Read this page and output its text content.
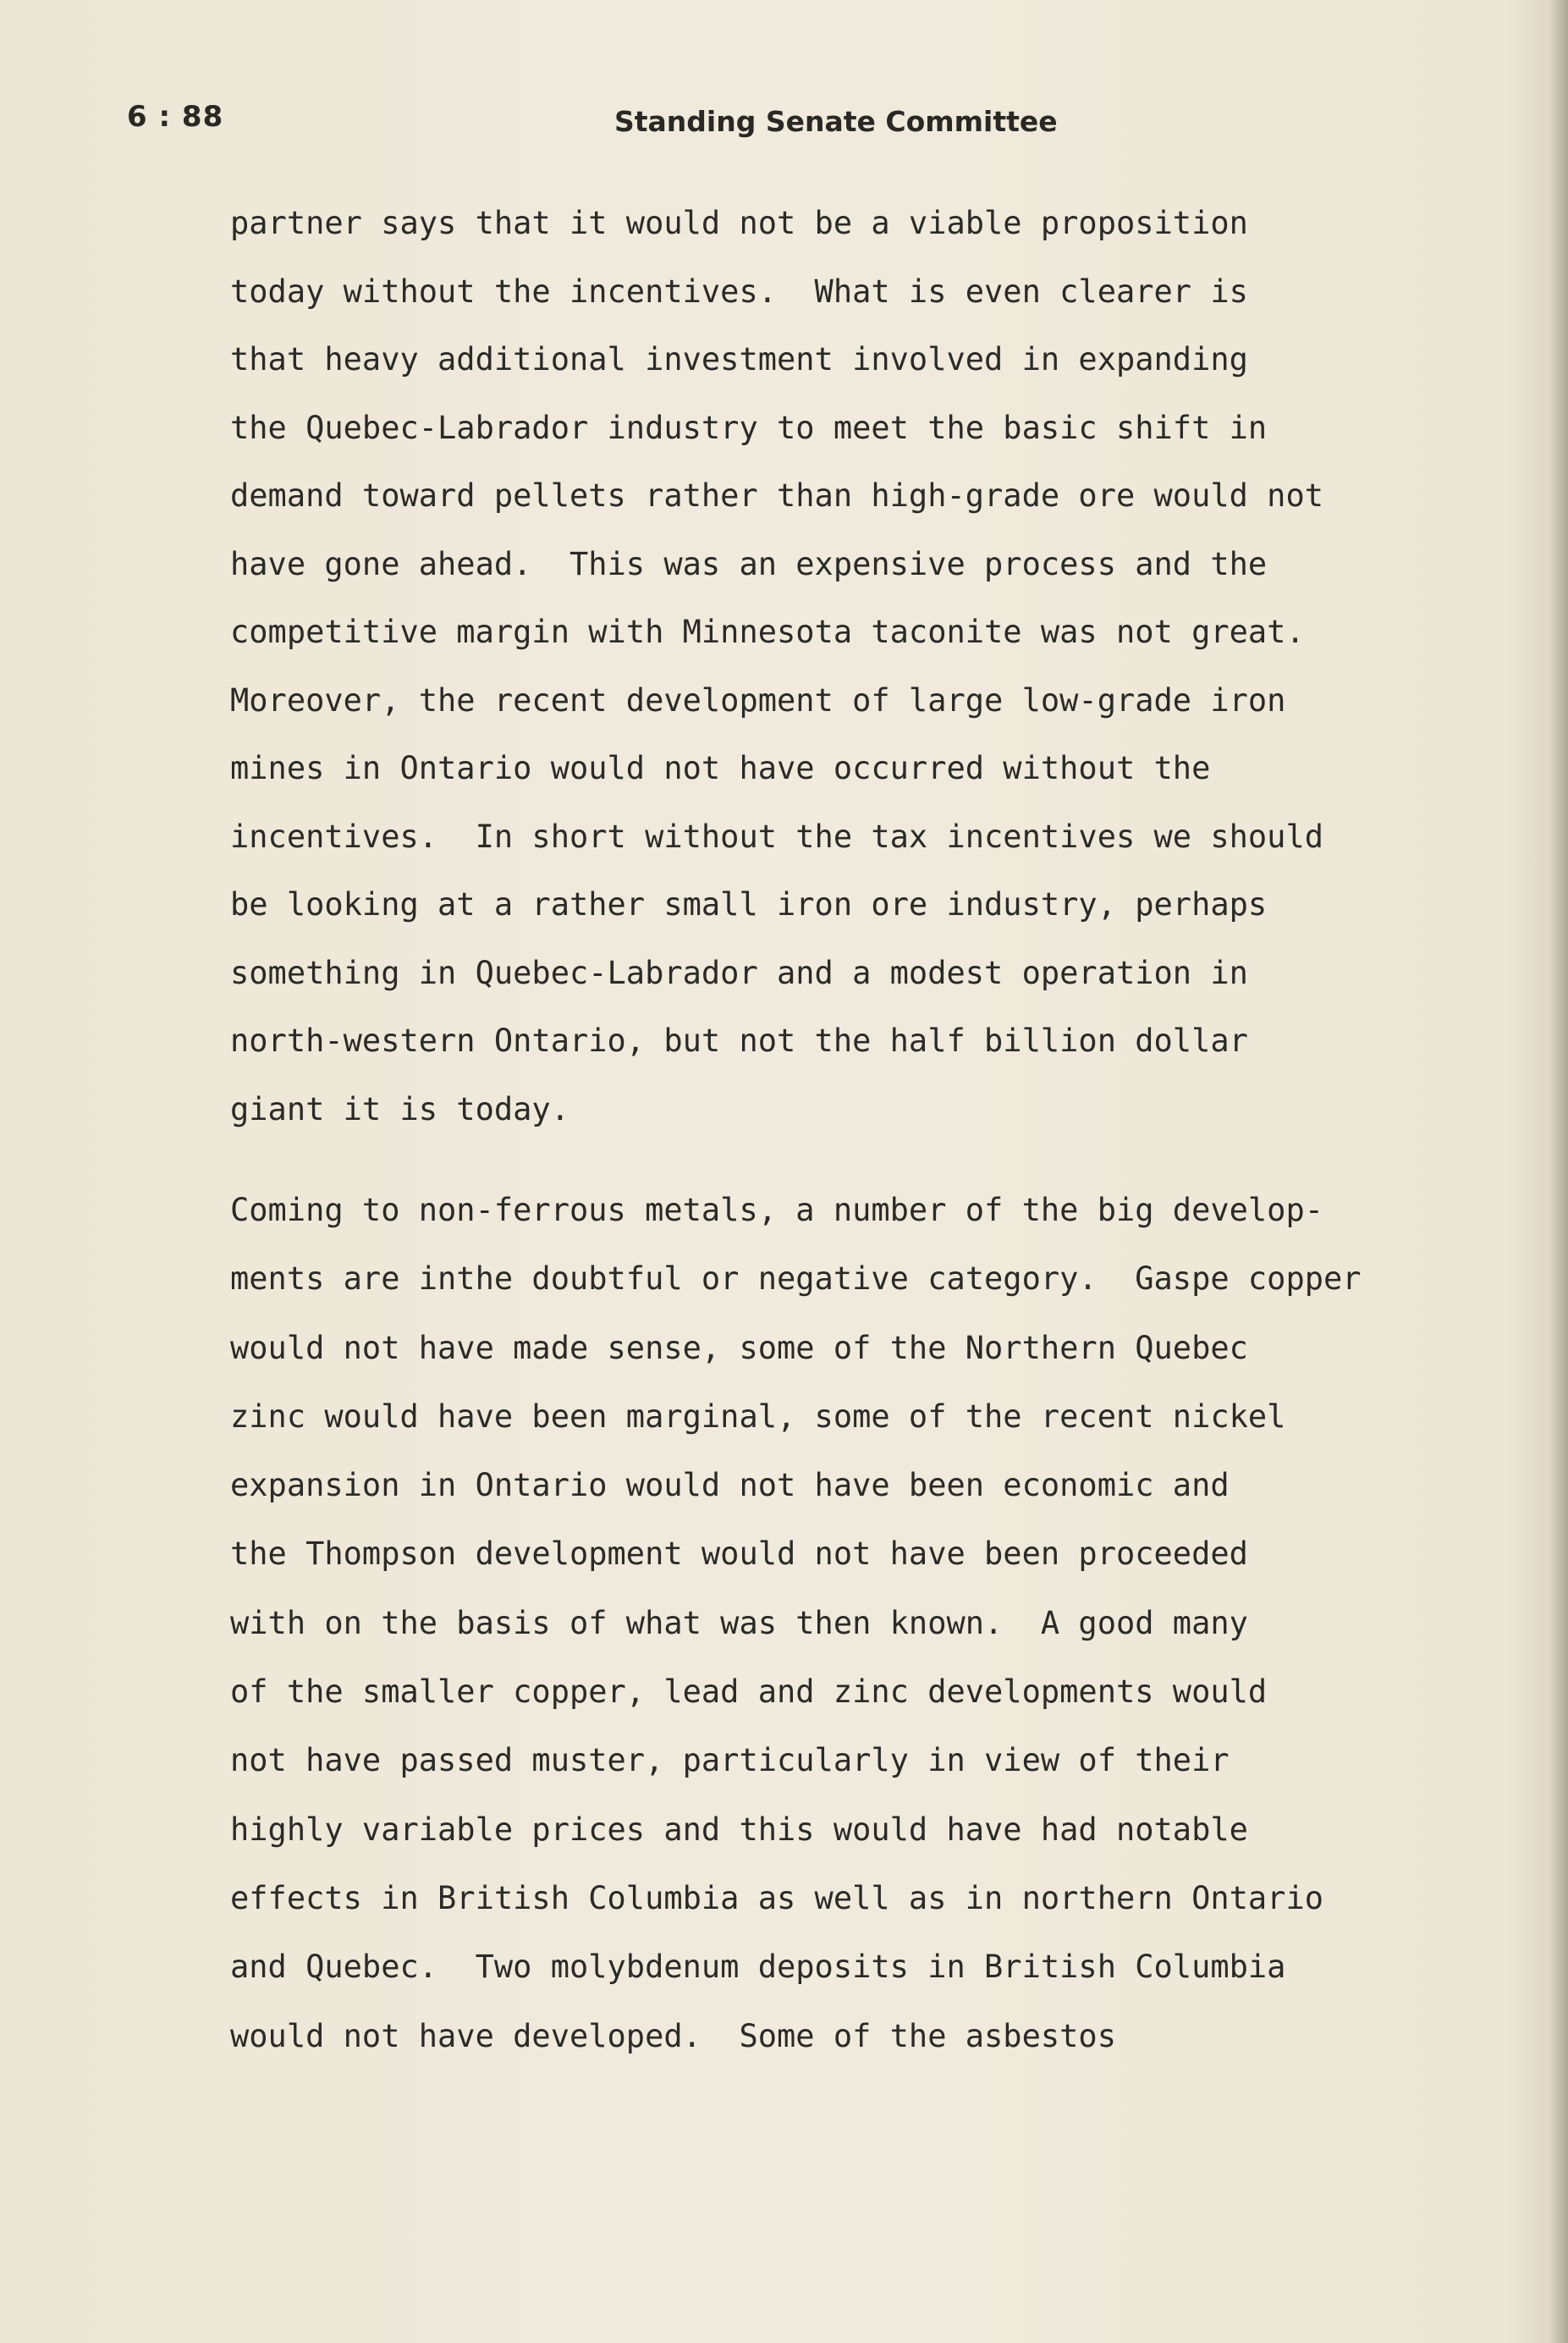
6 : 88	Standing Senate Committee
partner says that it would not be a viable proposition
today without the incentives.  What is even clearer is
that heavy additional investment involved in expanding
the Quebec-Labrador industry to meet the basic shift in
demand toward pellets rather than high-grade ore would not
have gone ahead.  This was an expensive process and the
competitive margin with Minnesota taconite was not great.
Moreover, the recent development of large low-grade iron
mines in Ontario would not have occurred without the
incentives.  In short without the tax incentives we should
be looking at a rather small iron ore industry, perhaps
something in Quebec-Labrador and a modest operation in
north-western Ontario, but not the half billion dollar
giant it is today.
Coming to non-ferrous metals, a number of the big develop-
ments are inthe doubtful or negative category.  Gaspe copper
would not have made sense, some of the Northern Quebec
zinc would have been marginal, some of the recent nickel
expansion in Ontario would not have been economic and
the Thompson development would not have been proceeded
with on the basis of what was then known.  A good many
of the smaller copper, lead and zinc developments would
not have passed muster, particularly in view of their
highly variable prices and this would have had notable
effects in British Columbia as well as in northern Ontario
and Quebec.  Two molybdenum deposits in British Columbia
would not have developed.  Some of the asbestos
